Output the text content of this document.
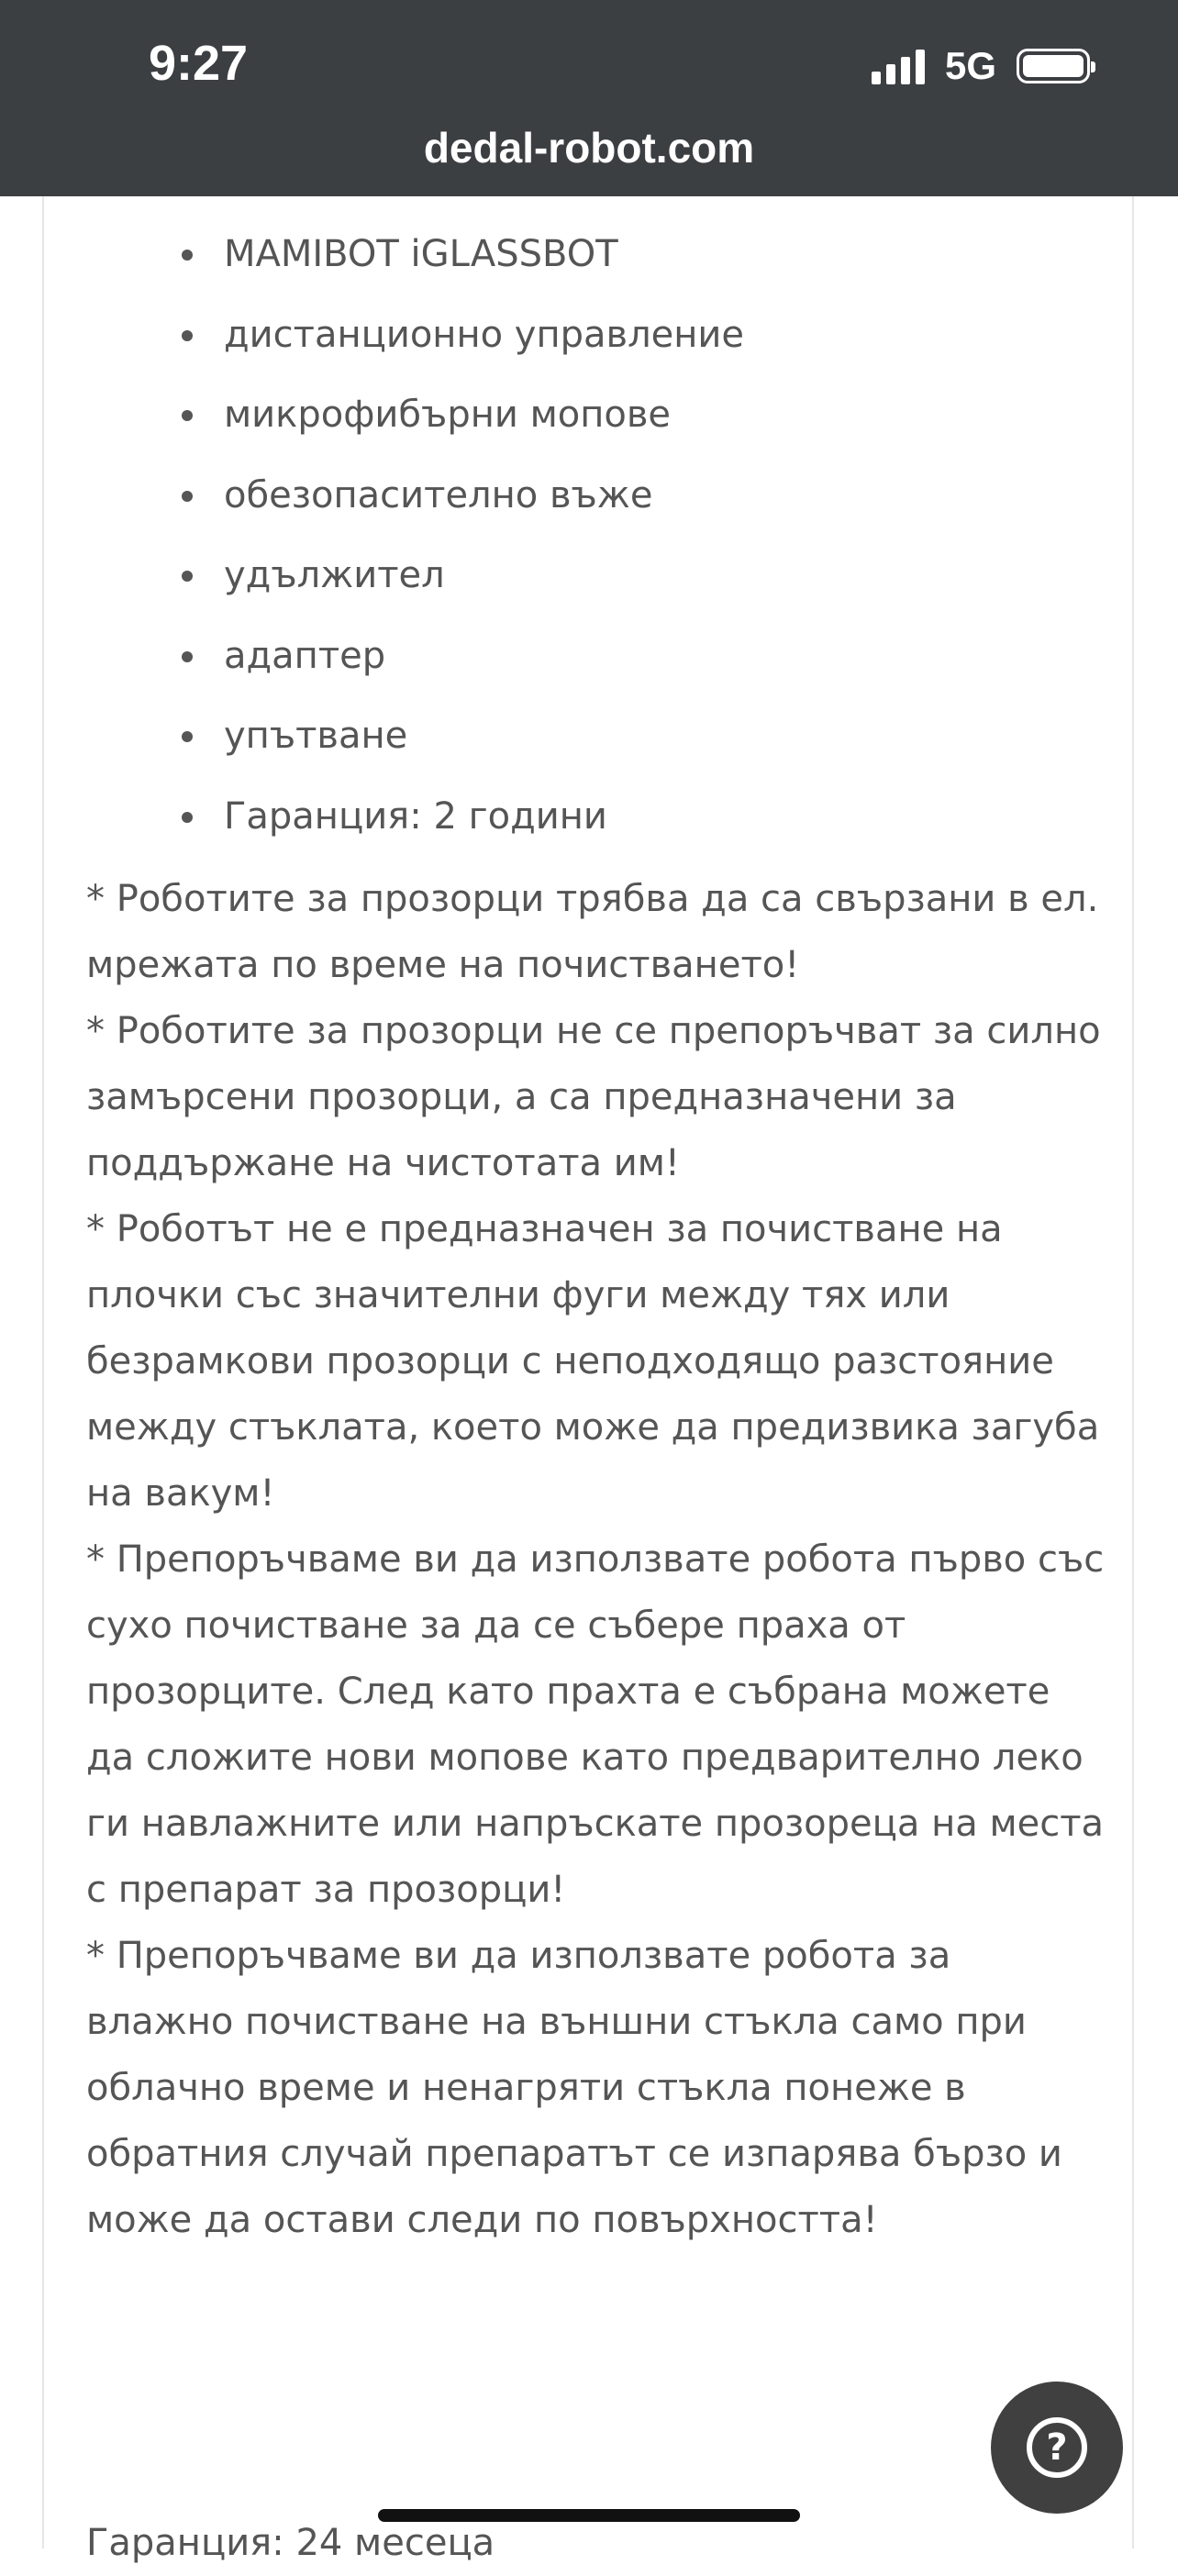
9:27	5G
dedal-robot.com
MAMIBOT iGLASSBOT
дистанционно управление
микрофибърни мопове
обезопасително въже
удължител
адаптер
упътване
Гаранция: 2 години

* Роботите за прозорци трябва да са свързани в ел. мрежата по време на почистването!

* Роботите за прозорци не се препоръчват за силно замърсени прозорци, а са предназначени за поддържане на чистотата им!

* Роботът не е предназначен за почистване на плочки със значителни фуги между тях или безрамкови прозорци с неподходящо разстояние между стъклата, което може да предизвика загуба на вакум!

* Препоръчваме ви да използвате робота първо със сухо почистване за да се събере праха от прозорците. След като прахта е събрана можете да сложите нови мопове като предварително леко ги навлажните или напръскате прозореца на места с препарат за прозорци!

* Препоръчваме ви да използвате робота за влажно почистване на външни стъкла само при облачно време и ненагряти стъкла понеже в обратния случай препаратът се изпарява бързо и може да остави следи по повърхността!

Гаранция: 24 месеца
?
